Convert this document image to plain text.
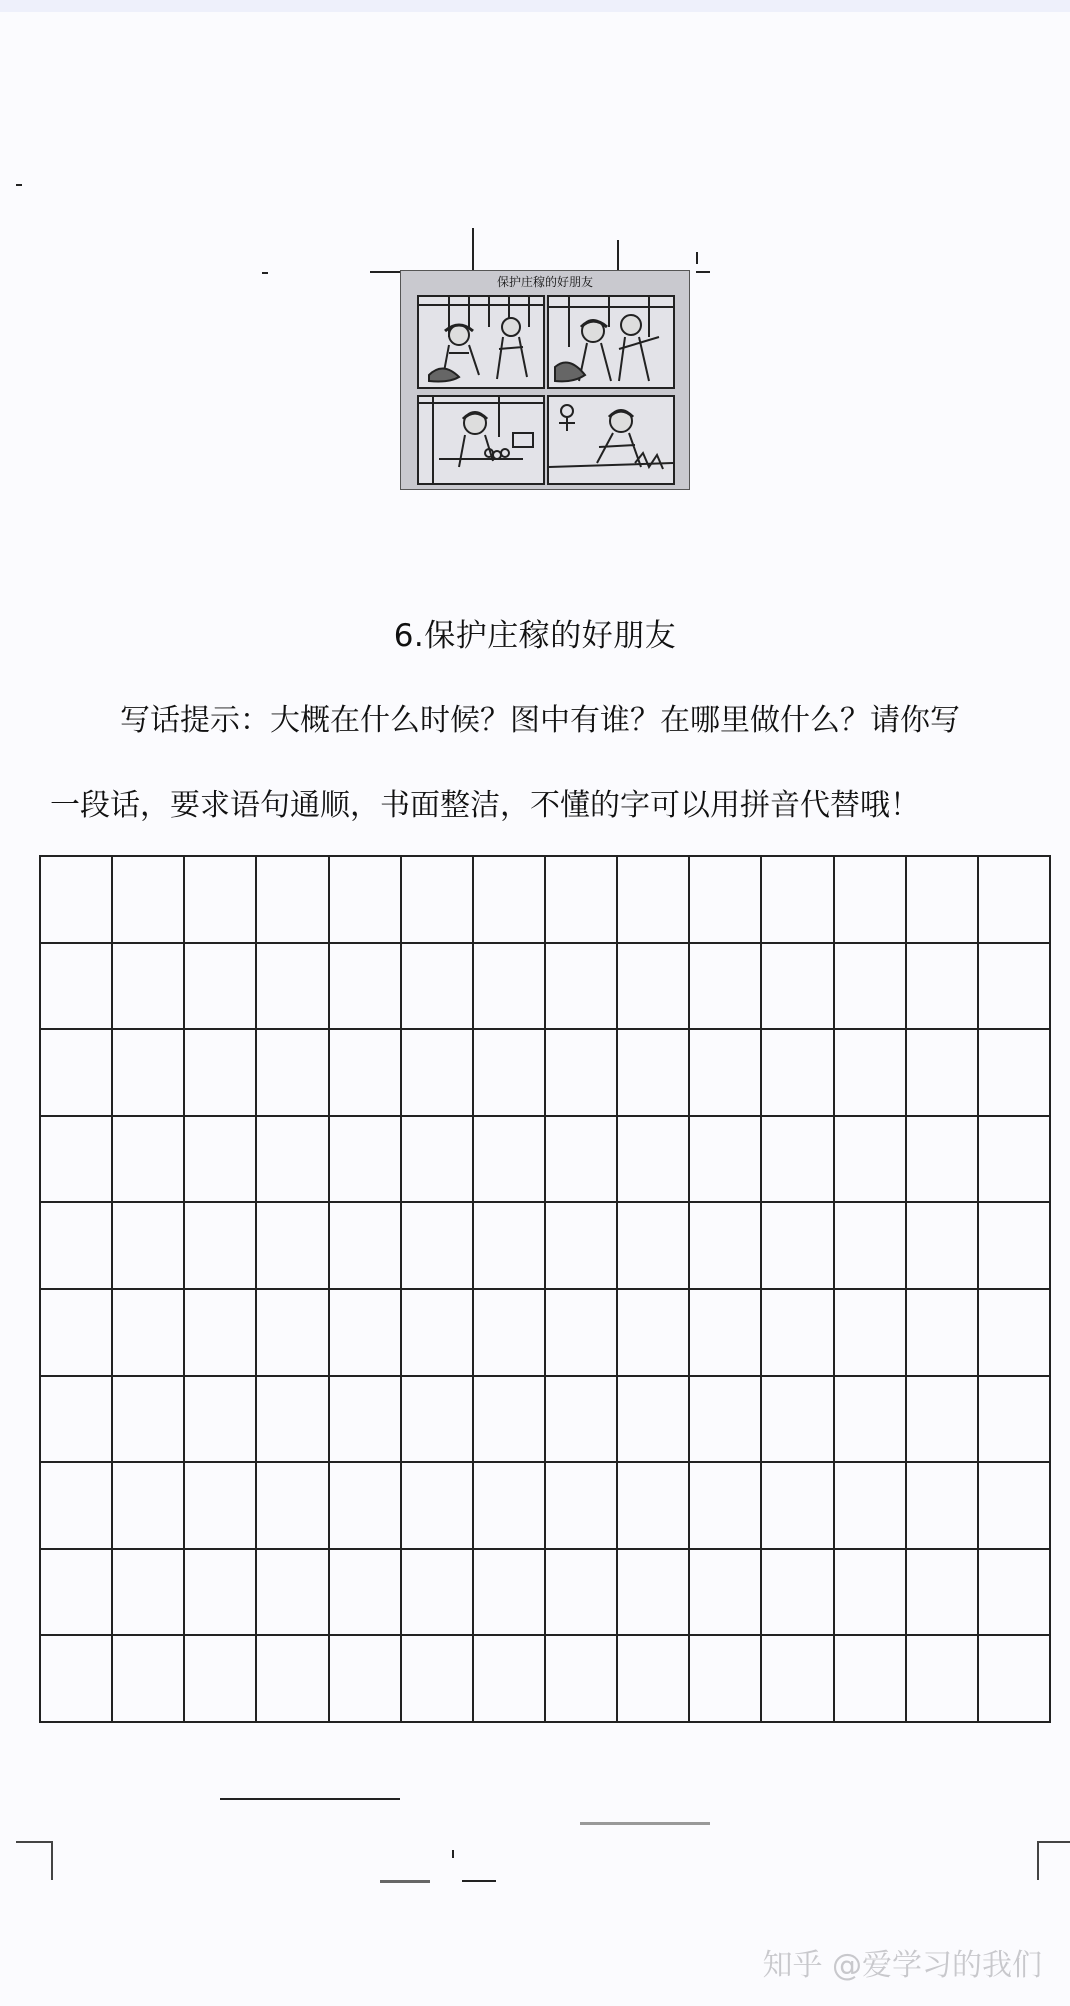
保护庄稼的好朋友
6.保护庄稼的好朋友
写话提示：大概在什么时候？图中有谁？在哪里做什么？请你写
一段话，要求语句通顺，书面整洁，不懂的字可以用拼音代替哦！
知乎 @爱学习的我们
